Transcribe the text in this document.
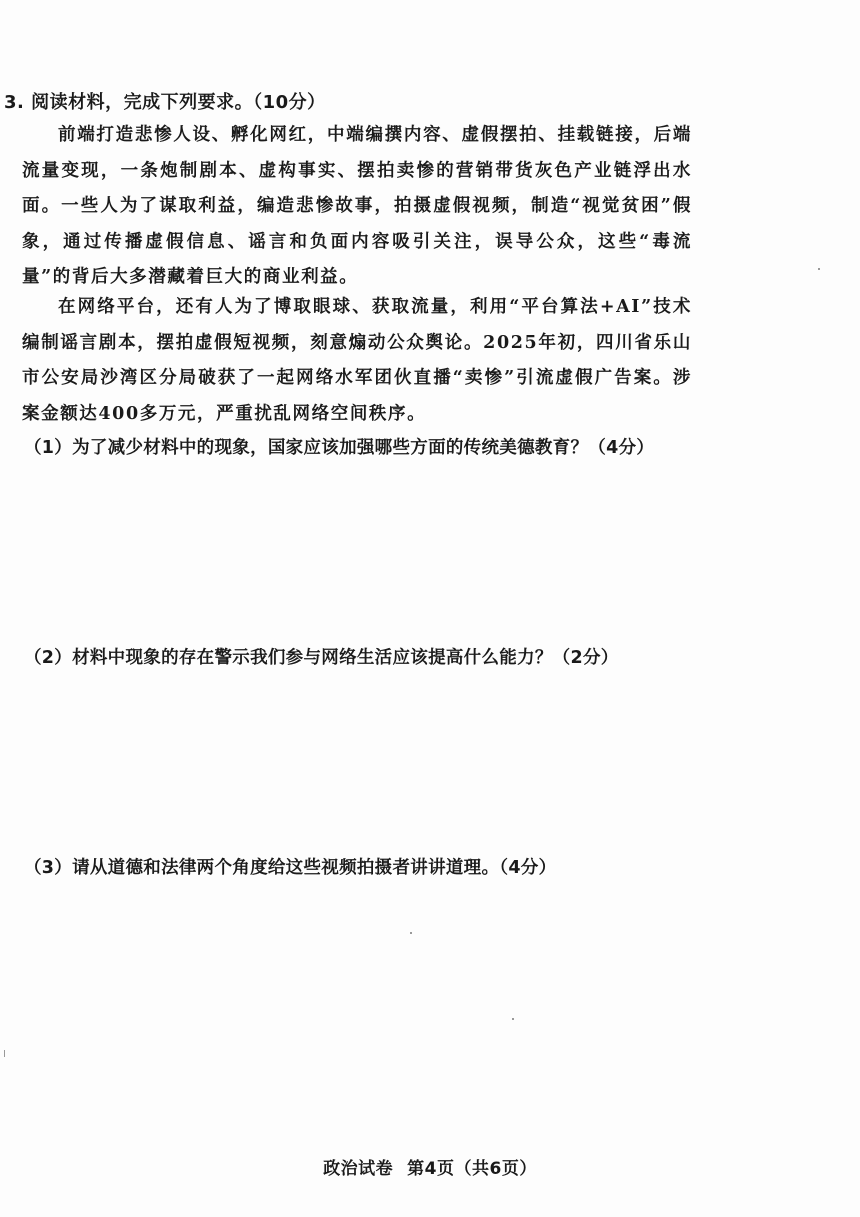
3. 阅读材料，完成下列要求。（10分）
前端打造悲惨人设、孵化网红，中端编撰内容、虚假摆拍、挂载链接，后端流量变现，一条炮制剧本、虚构事实、摆拍卖惨的营销带货灰色产业链浮出水面。一些人为了谋取利益，编造悲惨故事，拍摄虚假视频，制造“视觉贫困”假象，通过传播虚假信息、谣言和负面内容吸引关注，误导公众，这些“毒流量”的背后大多潜藏着巨大的商业利益。
在网络平台，还有人为了博取眼球、获取流量，利用“平台算法+AI”技术编制谣言剧本，摆拍虚假短视频，刻意煽动公众舆论。2025年初，四川省乐山市公安局沙湾区分局破获了一起网络水军团伙直播“卖惨”引流虚假广告案。涉案金额达400多万元，严重扰乱网络空间秩序。
（1）为了减少材料中的现象，国家应该加强哪些方面的传统美德教育？（4分）
（2）材料中现象的存在警示我们参与网络生活应该提高什么能力？（2分）
（3）请从道德和法律两个角度给这些视频拍摄者讲讲道理。（4分）
政治试卷 第4页（共6页）
